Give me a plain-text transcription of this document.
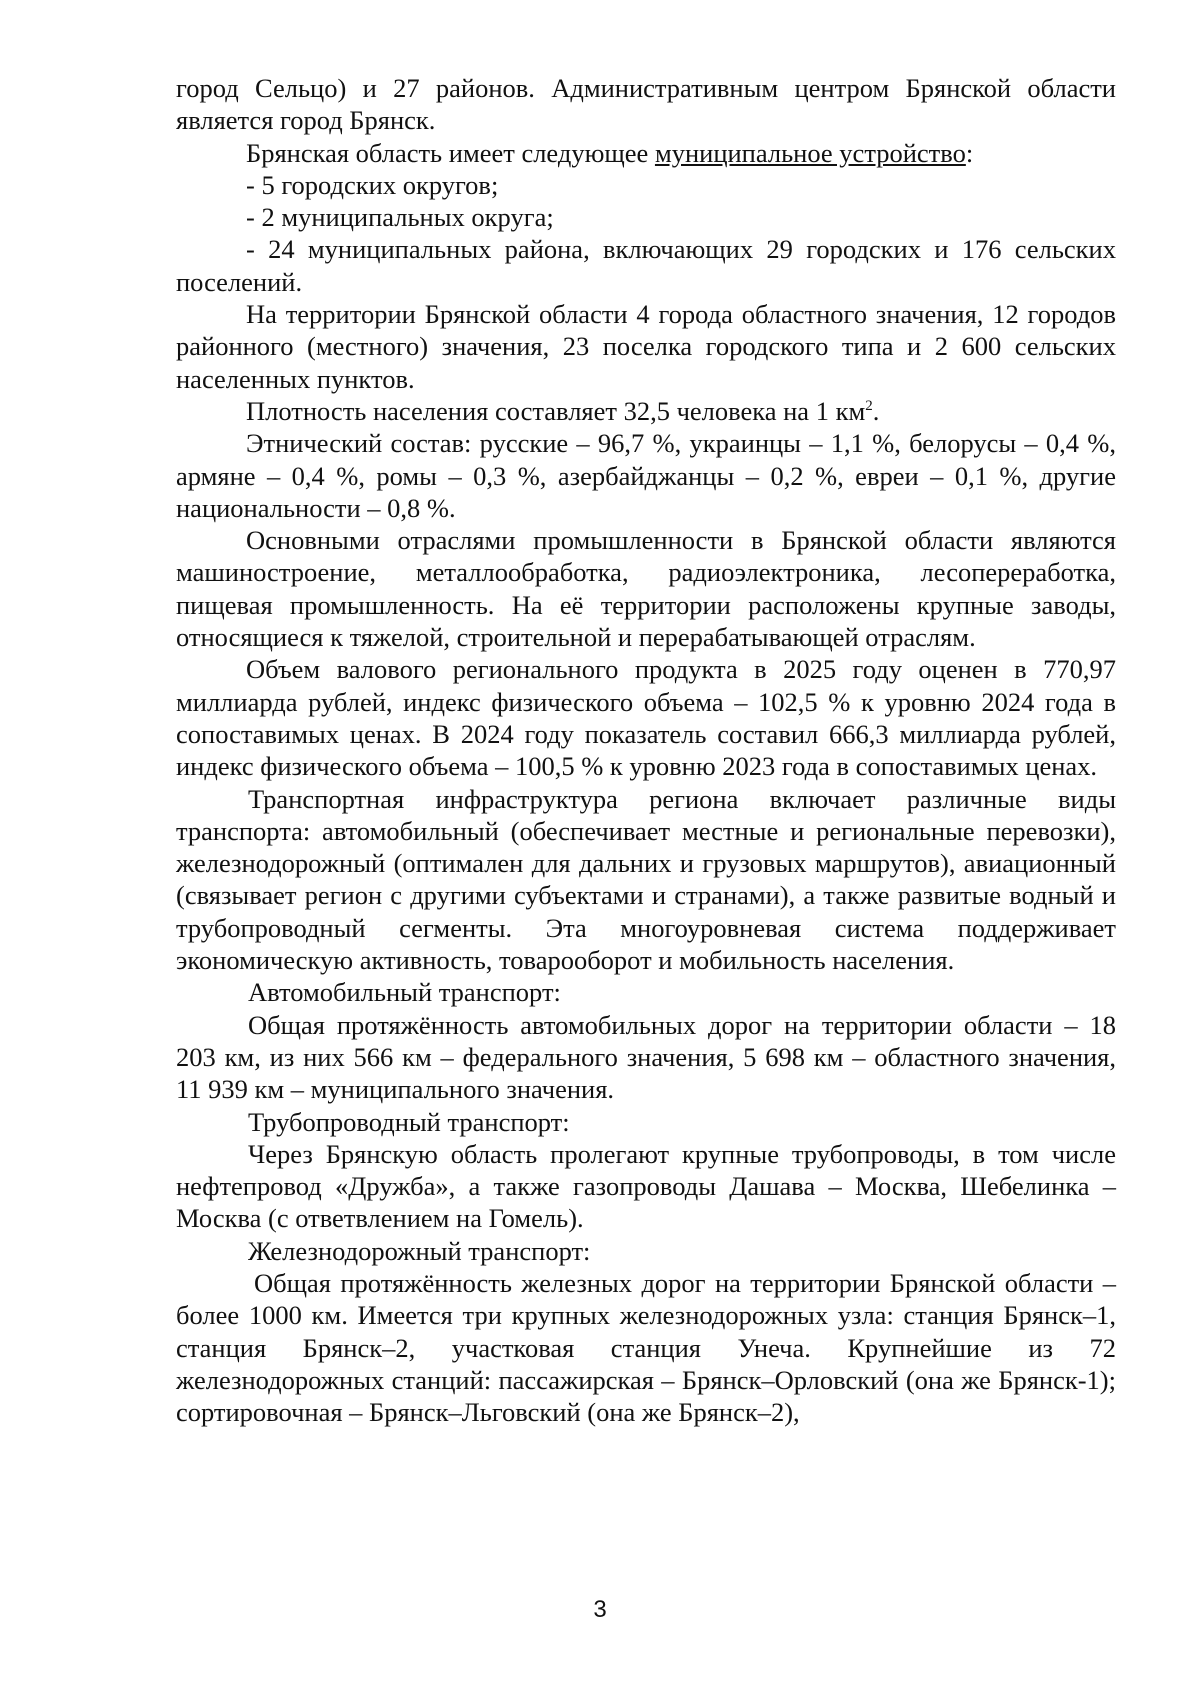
город Сельцо) и 27 районов. Административным центром Брянской области является город Брянск.

Брянская область имеет следующее муниципальное устройство:

- 5 городских округов;

- 2 муниципальных округа;

- 24 муниципальных района, включающих 29 городских и 176 сельских поселений.

На территории Брянской области 4 города областного значения, 12 городов районного (местного) значения, 23 поселка городского типа и 2 600 сельских населенных пунктов.

Плотность населения составляет 32,5 человека на 1 $км^2$.

Этнический состав: русские – 96,7 %, украинцы – 1,1 %, белорусы – 0,4 %, армяне – 0,4 %, ромы – 0,3 %, азербайджанцы – 0,2 %, евреи – 0,1 %, другие национальности – 0,8 %.

Основными отраслями промышленности в Брянской области являются машиностроение, металлообработка, радиоэлектроника, лесопереработка, пищевая промышленность. На её территории расположены крупные заводы, относящиеся к тяжелой, строительной и перерабатывающей отраслям.

Объем валового регионального продукта в 2025 году оценен в 770,97 миллиарда рублей, индекс физического объема – 102,5 % к уровню 2024 года в сопоставимых ценах. В 2024 году показатель составил 666,3 миллиарда рублей, индекс физического объема – 100,5 % к уровню 2023 года в сопоставимых ценах.

Транспортная инфраструктура региона включает различные виды транспорта: автомобильный (обеспечивает местные и региональные перевозки), железнодорожный (оптимален для дальних и грузовых маршрутов), авиационный (связывает регион с другими субъектами и странами), а также развитые водный и трубопроводный сегменты. Эта многоуровневая система поддерживает экономическую активность, товарооборот и мобильность населения.

Автомобильный транспорт:

Общая протяжённость автомобильных дорог на территории области – 18 203 км, из них 566 км – федерального значения, 5 698 км – областного значения, 11 939 км – муниципального значения.

Трубопроводный транспорт:

Через Брянскую область пролегают крупные трубопроводы, в том числе нефтепровод «Дружба», а также газопроводы Дашава – Москва, Шебелинка – Москва (с ответвлением на Гомель).

Железнодорожный транспорт:

Общая протяжённость железных дорог на территории Брянской области – более 1000 км. Имеется три крупных железнодорожных узла: станция Брянск–1, станция Брянск–2, участковая станция Унеча. Крупнейшие из 72 железнодорожных станций: пассажирская – Брянск–Орловский (она же Брянск-1); сортировочная – Брянск–Льговский (она же Брянск–2),

3
